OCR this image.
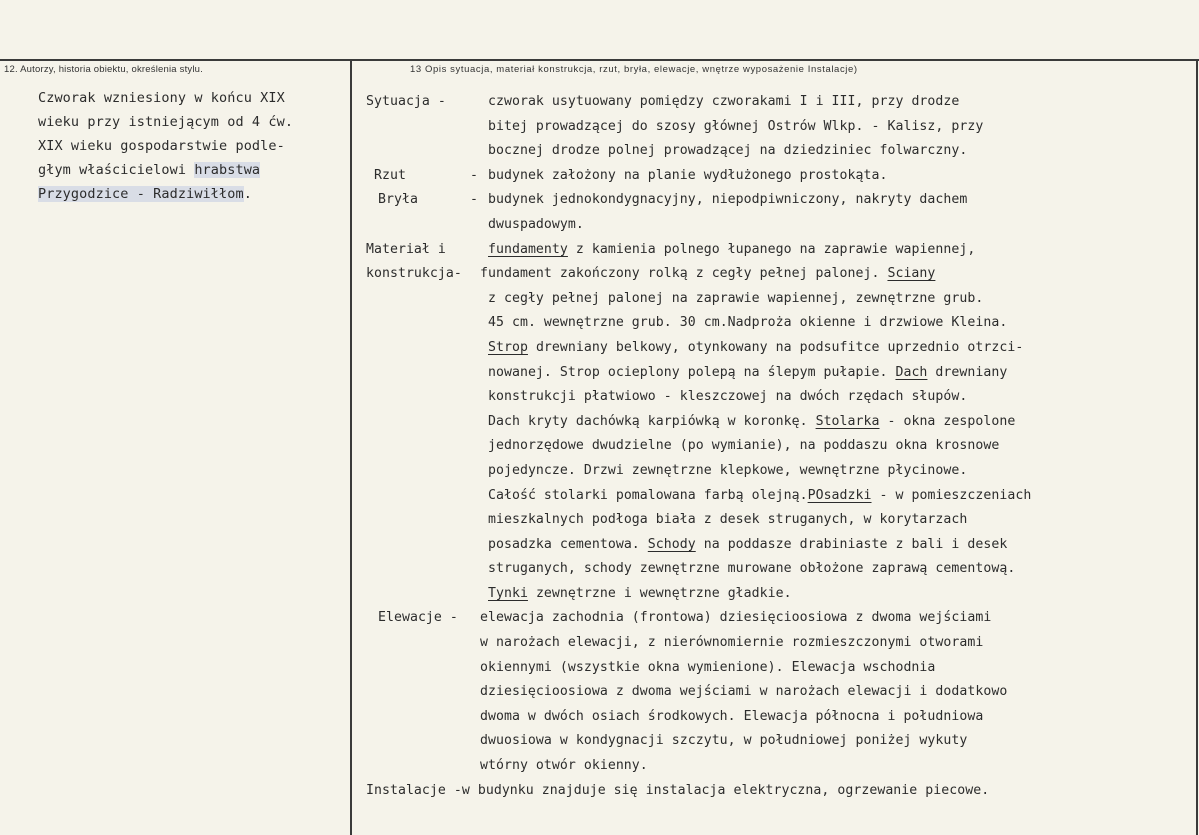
12. Autorzy, historia obiektu, określenia stylu.	13 Opis sytuacja, materiał konstrukcja, rzut, bryła, elewacje, wnętrze wyposażenie Instalacje)
Czworak wzniesiony w końcu XIX
wieku przy istniejącym od 4 ćw.
XIX wieku gospodarstwie podle-
głym właścicielowi hrabstwa
Przygodzice - Radziwiłłom.
Sytuacja -	czworak usytuowany pomiędzy czworakami I i III, przy drodze
bitej prowadzącej do szosy głównej Ostrów Wlkp. - Kalisz, przy
bocznej drodze polnej prowadzącej na dziedziniec folwarczny.
Rzut	- budynek założony na planie wydłużonego prostokąta.
Bryła	- budynek jednokondygnacyjny, niepodpiwniczony, nakryty dachem
dwuspadowym.
Materiał i	fundamenty z kamienia polnego łupanego na zaprawie wapiennej,
konstrukcja- fundament zakończony rolką z cegły pełnej palonej. Sciany
z cegły pełnej palonej na zaprawie wapiennej, zewnętrzne grub.
45 cm. wewnętrzne grub. 30 cm.Nadproża okienne i drzwiowe Kleina.
Strop drewniany belkowy, otynkowany na podsufitce uprzednio otrzci-
nowanej. Strop ocieplony polepą na ślepym pułapie. Dach drewniany
konstrukcji płatwiowo - kleszczowej na dwóch rzędach słupów.
Dach kryty dachówką karpiówką w koronkę. Stolarka - okna zespolone
jednorzędowe dwudzielne (po wymianie), na poddaszu okna krosnowe
pojedyncze. Drzwi zewnętrzne klepkowe, wewnętrzne płycinowe.
Całość stolarki pomalowana farbą olejną.POsadzki - w pomieszczeniach
mieszkalnych podłoga biała z desek struganych, w korytarzach
posadzka cementowa. Schody na poddasze drabiniaste z bali i desek
struganych, schody zewnętrzne murowane obłożone zaprawą cementową.
Tynki zewnętrzne i wewnętrzne gładkie.
Elewacje - elewacja zachodnia (frontowa) dziesięcioosiowa z dwoma wejściami
w narożach elewacji, z nierównomiernie rozmieszczonymi otworami
okiennymi (wszystkie okna wymienione). Elewacja wschodnia
dziesięcioosiowa z dwoma wejściami w narożach elewacji i dodatkowo
dwoma w dwóch osiach środkowych. Elewacja północna i południowa
dwuosiowa w kondygnacji szczytu, w południowej poniżej wykuty
wtórny otwór okienny.
Instalacje -w budynku znajduje się instalacja elektryczna, ogrzewanie piecowe.
